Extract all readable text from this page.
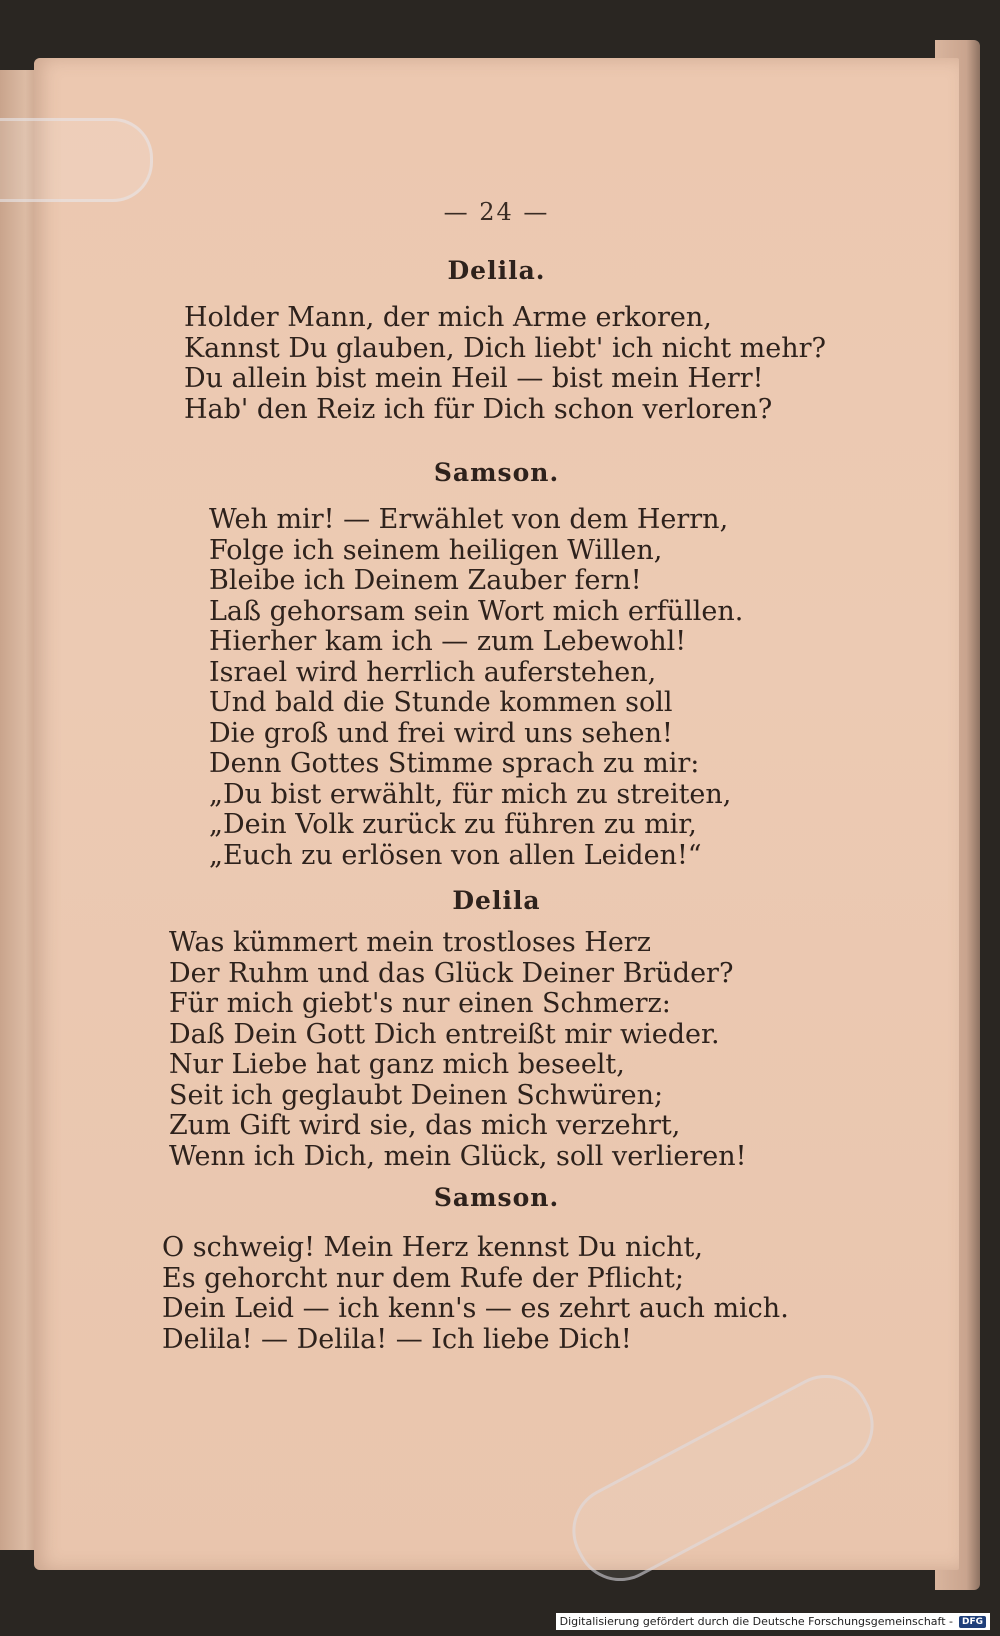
— 24 —
Delila.
Holder Mann, der mich Arme erkoren,
Kannst Du glauben, Dich liebt' ich nicht mehr?
Du allein bist mein Heil — bist mein Herr!
Hab' den Reiz ich für Dich schon verloren?
Samson.
Weh mir! — Erwählet von dem Herrn,
Folge ich seinem heiligen Willen,
Bleibe ich Deinem Zauber fern!
Laß gehorsam sein Wort mich erfüllen.
Hierher kam ich — zum Lebewohl!
Israel wird herrlich auferstehen,
Und bald die Stunde kommen soll
Die groß und frei wird uns sehen!
Denn Gottes Stimme sprach zu mir:
„Du bist erwählt, für mich zu streiten,
„Dein Volk zurück zu führen zu mir,
„Euch zu erlösen von allen Leiden!“
Delila
Was kümmert mein trostloses Herz
Der Ruhm und das Glück Deiner Brüder?
Für mich giebt's nur einen Schmerz:
Daß Dein Gott Dich entreißt mir wieder.
Nur Liebe hat ganz mich beseelt,
Seit ich geglaubt Deinen Schwüren;
Zum Gift wird sie, das mich verzehrt,
Wenn ich Dich, mein Glück, soll verlieren!
Samson.
O schweig! Mein Herz kennst Du nicht,
Es gehorcht nur dem Rufe der Pflicht;
Dein Leid — ich kenn's — es zehrt auch mich.
Delila! — Delila! — Ich liebe Dich!
Digitalisierung gefördert durch die Deutsche Forschungsgemeinschaft -	DFG
